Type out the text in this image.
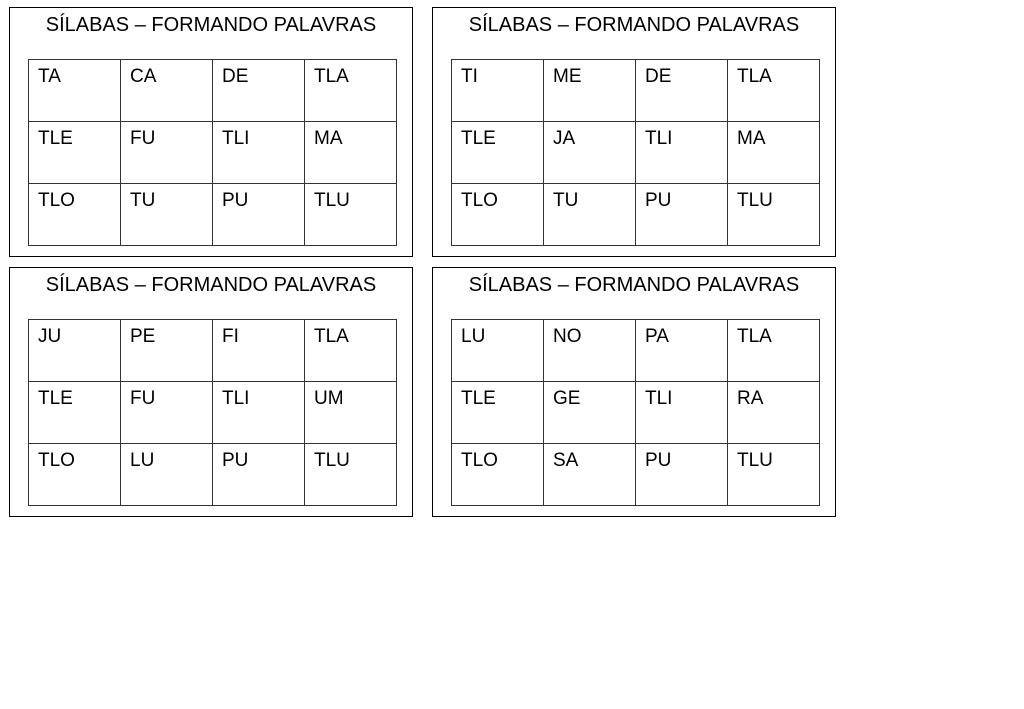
SÍLABAS – FORMANDO PALAVRAS
TA	CA	DE	TLA
TLE	FU	TLI	MA
TLO	TU	PU	TLU
SÍLABAS – FORMANDO PALAVRAS
TI	ME	DE	TLA
TLE	JA	TLI	MA
TLO	TU	PU	TLU
SÍLABAS – FORMANDO PALAVRAS
JU	PE	FI	TLA
TLE	FU	TLI	UM
TLO	LU	PU	TLU
SÍLABAS – FORMANDO PALAVRAS
LU	NO	PA	TLA
TLE	GE	TLI	RA
TLO	SA	PU	TLU
